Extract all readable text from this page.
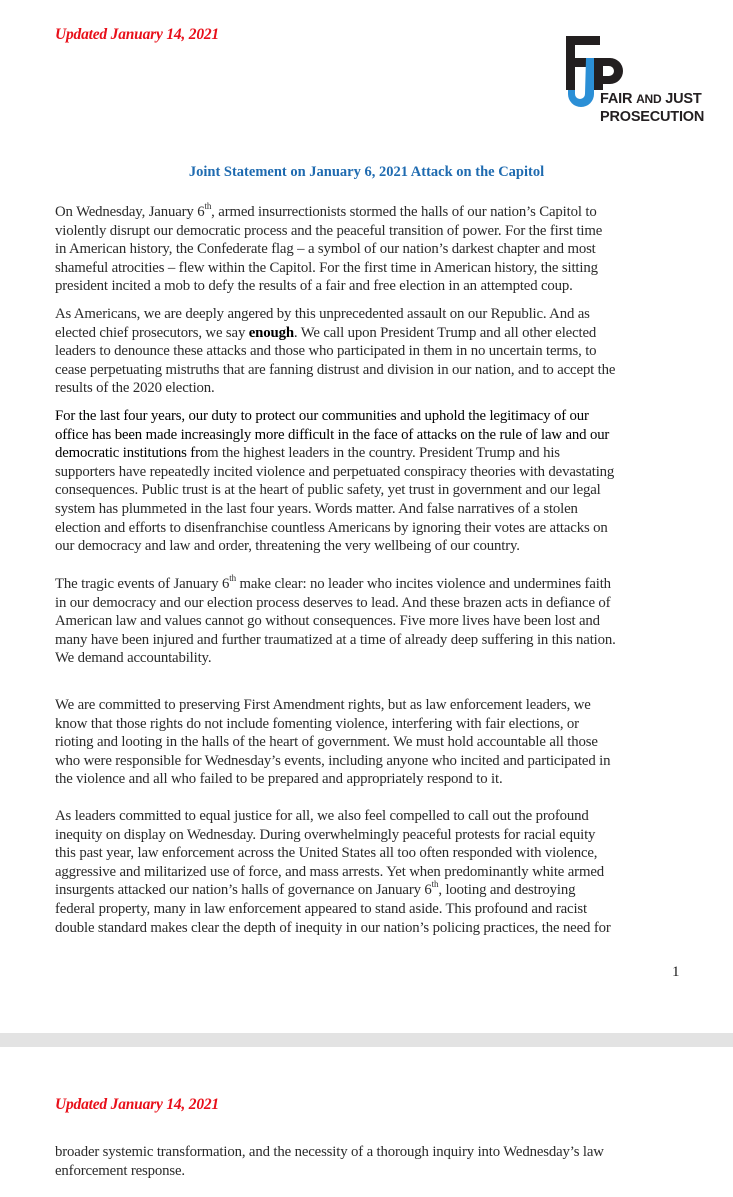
Updated January 14, 2021
FAIR AND JUST
PROSECUTION
Joint Statement on January 6, 2021 Attack on the Capitol

On Wednesday, January 6th, armed insurrectionists stormed the halls of our nation’s Capitol to
violently disrupt our democratic process and the peaceful transition of power. For the first time
in American history, the Confederate flag – a symbol of our nation’s darkest chapter and most
shameful atrocities – flew within the Capitol. For the first time in American history, the sitting
president incited a mob to defy the results of a fair and free election in an attempted coup.

As Americans, we are deeply angered by this unprecedented assault on our Republic. And as
elected chief prosecutors, we say enough. We call upon President Trump and all other elected
leaders to denounce these attacks and those who participated in them in no uncertain terms, to
cease perpetuating mistruths that are fanning distrust and division in our nation, and to accept the
results of the 2020 election.

For the last four years, our duty to protect our communities and uphold the legitimacy of our
office has been made increasingly more difficult in the face of attacks on the rule of law and our
democratic institutions from the highest leaders in the country. President Trump and his
supporters have repeatedly incited violence and perpetuated conspiracy theories with devastating
consequences. Public trust is at the heart of public safety, yet trust in government and our legal
system has plummeted in the last four years. Words matter. And false narratives of a stolen
election and efforts to disenfranchise countless Americans by ignoring their votes are attacks on
our democracy and law and order, threatening the very wellbeing of our country.

The tragic events of January 6th make clear: no leader who incites violence and undermines faith
in our democracy and our election process deserves to lead. And these brazen acts in defiance of
American law and values cannot go without consequences. Five more lives have been lost and
many have been injured and further traumatized at a time of already deep suffering in this nation.
We demand accountability.

We are committed to preserving First Amendment rights, but as law enforcement leaders, we
know that those rights do not include fomenting violence, interfering with fair elections, or
rioting and looting in the halls of the heart of government. We must hold accountable all those
who were responsible for Wednesday’s events, including anyone who incited and participated in
the violence and all who failed to be prepared and appropriately respond to it.

As leaders committed to equal justice for all, we also feel compelled to call out the profound
inequity on display on Wednesday. During overwhelmingly peaceful protests for racial equity
this past year, law enforcement across the United States all too often responded with violence,
aggressive and militarized use of force, and mass arrests. Yet when predominantly white armed
insurgents attacked our nation’s halls of governance on January 6th, looting and destroying
federal property, many in law enforcement appeared to stand aside. This profound and racist
double standard makes clear the depth of inequity in our nation’s policing practices, the need for

1
Updated January 14, 2021

broader systemic transformation, and the necessity of a thorough inquiry into Wednesday’s law
enforcement response.
